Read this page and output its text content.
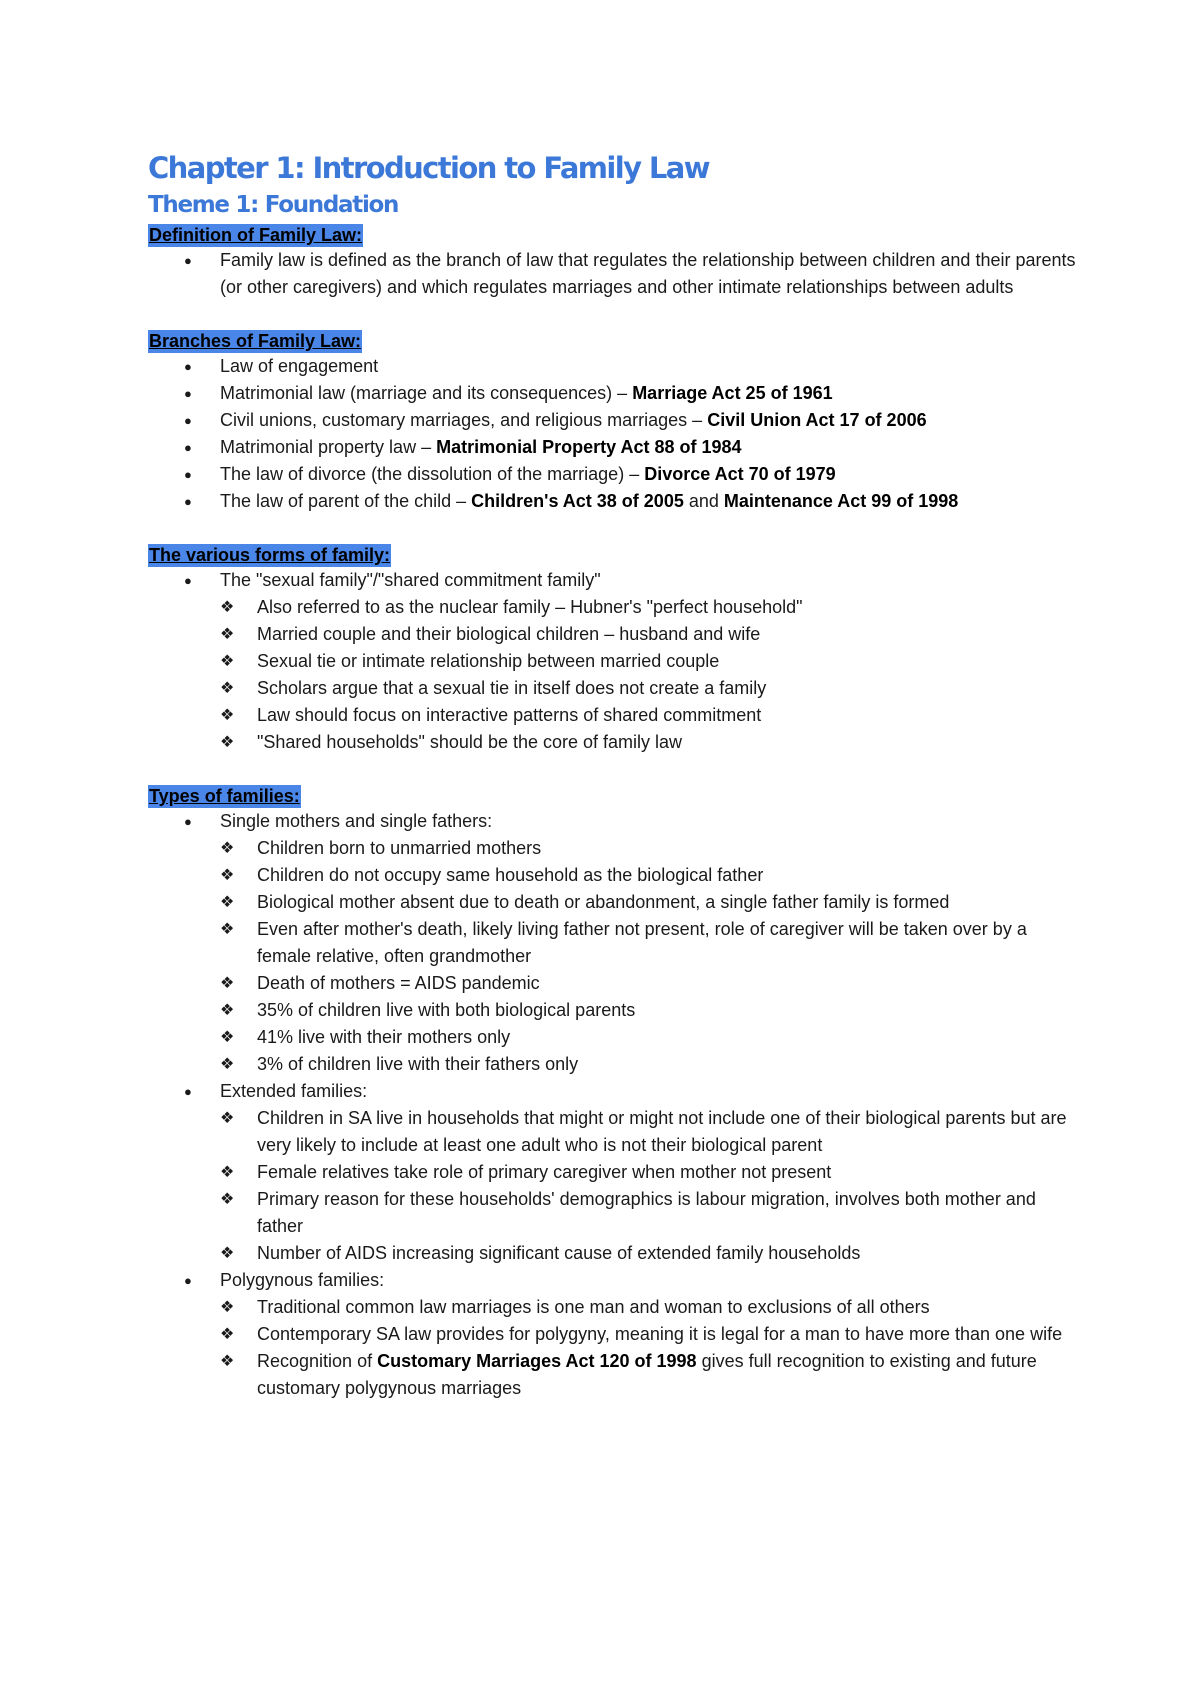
Chapter 1: Introduction to Family Law
Theme 1: Foundation
Definition of Family Law:
● Family law is defined as the branch of law that regulates the relationship between children and their parents (or other caregivers) and which regulates marriages and other intimate relationships between adults
Branches of Family Law:
● Law of engagement
● Matrimonial law (marriage and its consequences) – Marriage Act 25 of 1961
● Civil unions, customary marriages, and religious marriages – Civil Union Act 17 of 2006
● Matrimonial property law – Matrimonial Property Act 88 of 1984
● The law of divorce (the dissolution of the marriage) – Divorce Act 70 of 1979
● The law of parent of the child – Children's Act 38 of 2005 and Maintenance Act 99 of 1998
The various forms of family:
● The "sexual family"/"shared commitment family"
❖ Also referred to as the nuclear family – Hubner's "perfect household"
❖ Married couple and their biological children – husband and wife
❖ Sexual tie or intimate relationship between married couple
❖ Scholars argue that a sexual tie in itself does not create a family
❖ Law should focus on interactive patterns of shared commitment
❖ "Shared households" should be the core of family law
Types of families:
● Single mothers and single fathers:
❖ Children born to unmarried mothers
❖ Children do not occupy same household as the biological father
❖ Biological mother absent due to death or abandonment, a single father family is formed
❖ Even after mother's death, likely living father not present, role of caregiver will be taken over by a female relative, often grandmother
❖ Death of mothers = AIDS pandemic
❖ 35% of children live with both biological parents
❖ 41% live with their mothers only
❖ 3% of children live with their fathers only
● Extended families:
❖ Children in SA live in households that might or might not include one of their biological parents but are very likely to include at least one adult who is not their biological parent
❖ Female relatives take role of primary caregiver when mother not present
❖ Primary reason for these households' demographics is labour migration, involves both mother and father
❖ Number of AIDS increasing significant cause of extended family households
● Polygynous families:
❖ Traditional common law marriages is one man and woman to exclusions of all others
❖ Contemporary SA law provides for polygyny, meaning it is legal for a man to have more than one wife
❖ Recognition of Customary Marriages Act 120 of 1998 gives full recognition to existing and future customary polygynous marriages
